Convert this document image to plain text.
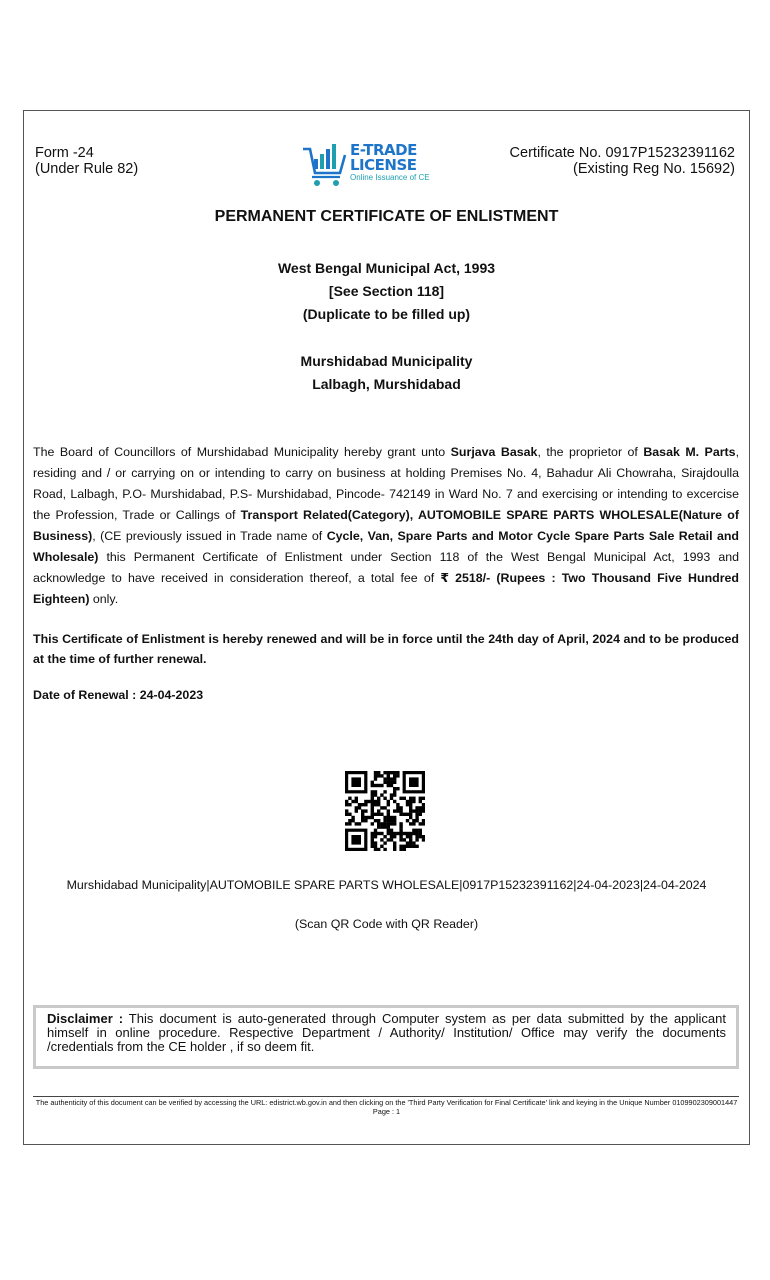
Form -24
(Under Rule 82)
E-TRADE
LICENSE
Online Issuance of CE
Certificate No. 0917P15232391162
(Existing Reg No. 15692)
PERMANENT CERTIFICATE OF ENLISTMENT
West Bengal Municipal Act, 1993
[See Section 118]
(Duplicate to be filled up)
Murshidabad Municipality
Lalbagh, Murshidabad
The Board of Councillors of Murshidabad Municipality hereby grant unto Surjava Basak, the proprietor of Basak M. Parts, residing and / or carrying on or intending to carry on business at holding Premises No. 4, Bahadur Ali Chowraha, Sirajdoulla Road, Lalbagh, P.O- Murshidabad, P.S- Murshidabad, Pincode- 742149 in Ward No. 7 and exercising or intending to excercise the Profession, Trade or Callings of Transport Related(Category), AUTOMOBILE SPARE PARTS WHOLESALE(Nature of Business), (CE previously issued in Trade name of Cycle, Van, Spare Parts and Motor Cycle Spare Parts Sale Retail and Wholesale) this Permanent Certificate of Enlistment under Section 118 of the West Bengal Municipal Act, 1993 and acknowledge to have received in consideration thereof, a total fee of ₹ 2518/- (Rupees : Two Thousand Five Hundred Eighteen) only.
This Certificate of Enlistment is hereby renewed and will be in force until the 24th day of April, 2024 and to be produced at the time of further renewal.
Date of Renewal : 24-04-2023
Murshidabad Municipality|AUTOMOBILE SPARE PARTS WHOLESALE|0917P15232391162|24-04-2023|24-04-2024
(Scan QR Code with QR Reader)
Disclaimer : This document is auto-generated through Computer system as per data submitted by the applicant himself in online procedure. Respective Department / Authority/ Institution/ Office may verify the documents /credentials from the CE holder , if so deem fit.
The authenticity of this document can be verified by accessing the URL: edistrict.wb.gov.in and then clicking on the 'Third Party Verification for Final Certificate' link and keying in the Unique Number 0109902309001447
Page : 1
